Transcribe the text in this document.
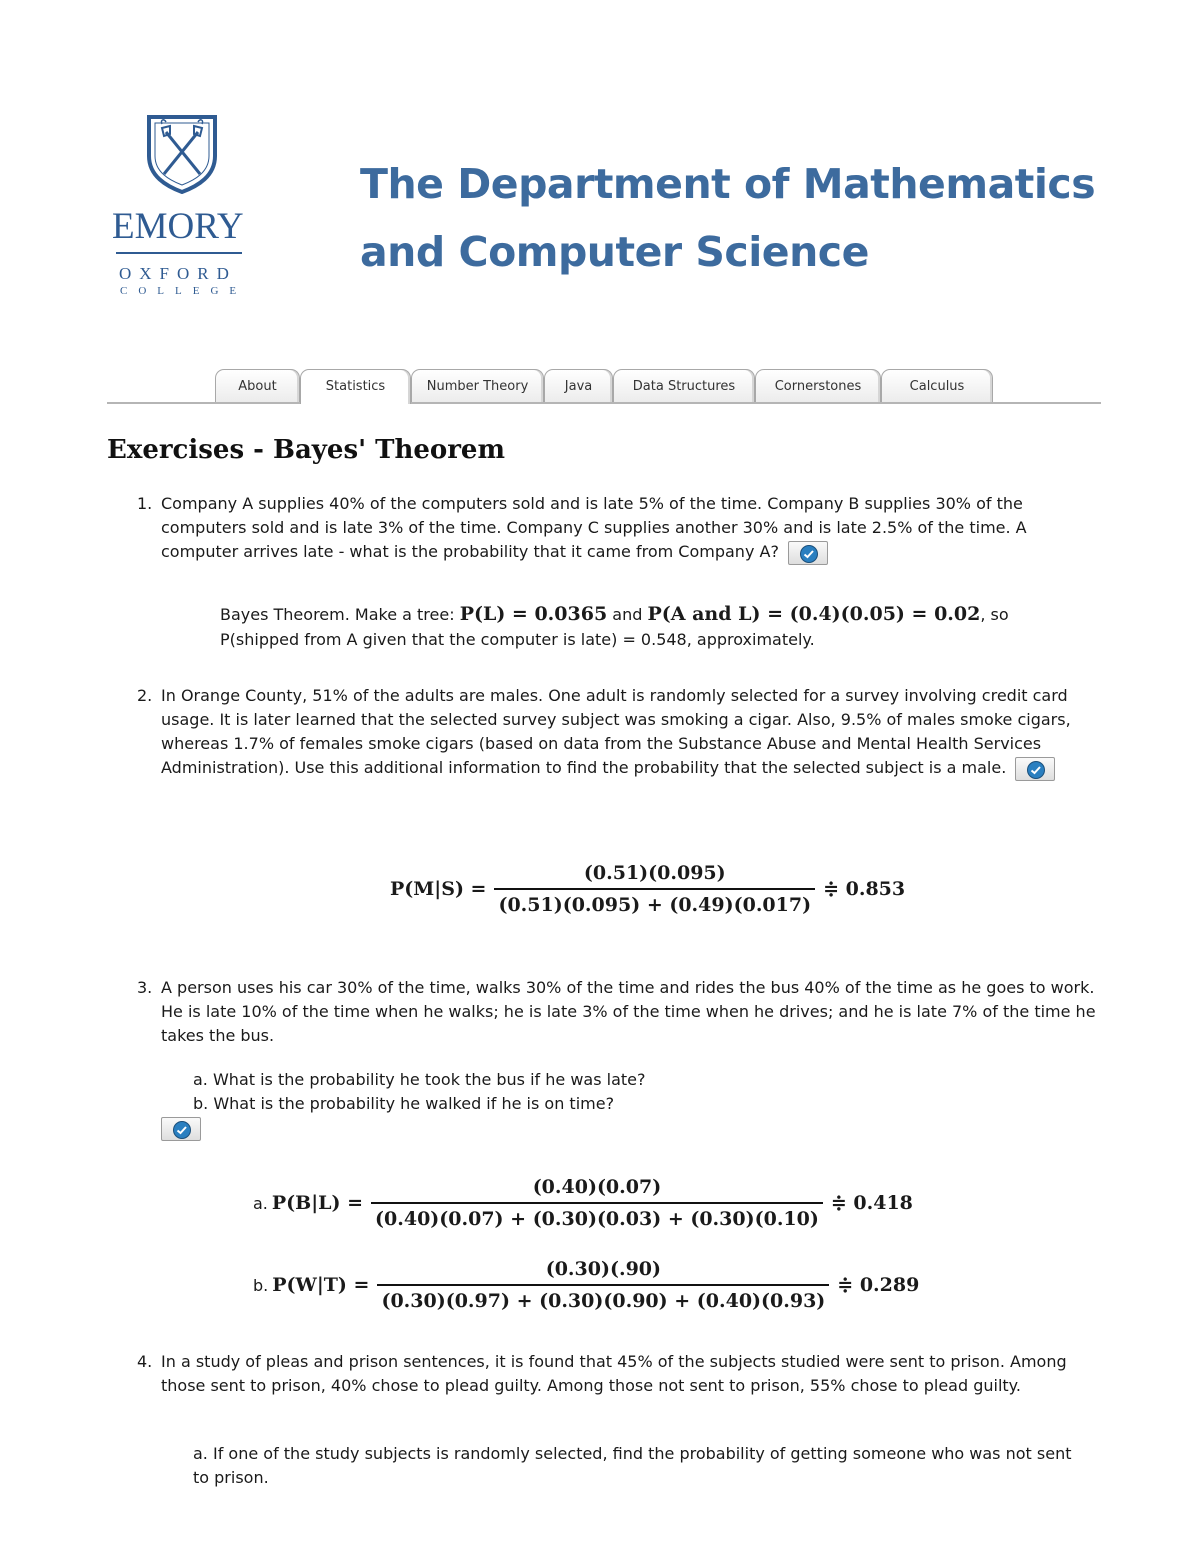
EMORY
OXFORD
COLLEGE
The Department of Mathematics
and Computer Science
About	Statistics	Number Theory	Java	Data Structures	Cornerstones	Calculus
Exercises - Bayes' Theorem
1. Company A supplies 40% of the computers sold and is late 5% of the time. Company B supplies 30% of the computers sold and is late 3% of the time. Company C supplies another 30% and is late 2.5% of the time. A computer arrives late - what is the probability that it came from Company A?
Bayes Theorem. Make a tree: P(L) = 0.0365 and P(A and L) = (0.4)(0.05) = 0.02, so
P(shipped from A given that the computer is late) = 0.548, approximately.
2. In Orange County, 51% of the adults are males. One adult is randomly selected for a survey involving credit card usage. It is later learned that the selected survey subject was smoking a cigar. Also, 9.5% of males smoke cigars, whereas 1.7% of females smoke cigars (based on data from the Substance Abuse and Mental Health Services Administration). Use this additional information to find the probability that the selected subject is a male.
$P(M|S) = \frac{(0.51)(0.095)}{(0.51)(0.095) + (0.49)(0.017)}$ ≑ 0.853
3. A person uses his car 30% of the time, walks 30% of the time and rides the bus 40% of the time as he goes to work. He is late 10% of the time when he walks; he is late 3% of the time when he drives; and he is late 7% of the time he takes the bus.
a. What is the probability he took the bus if he was late?
b. What is the probability he walked if he is on time?
a. $P(B|L) = \frac{(0.40)(0.07)}{(0.40)(0.07) + (0.30)(0.03) + (0.30)(0.10)}$ ≑ 0.418
b. $P(W|T) = \frac{(0.30)(.90)}{(0.30)(0.97) + (0.30)(0.90) + (0.40)(0.93)}$ ≑ 0.289
4. In a study of pleas and prison sentences, it is found that 45% of the subjects studied were sent to prison. Among those sent to prison, 40% chose to plead guilty. Among those not sent to prison, 55% chose to plead guilty.
a. If one of the study subjects is randomly selected, find the probability of getting someone who was not sent to prison.
